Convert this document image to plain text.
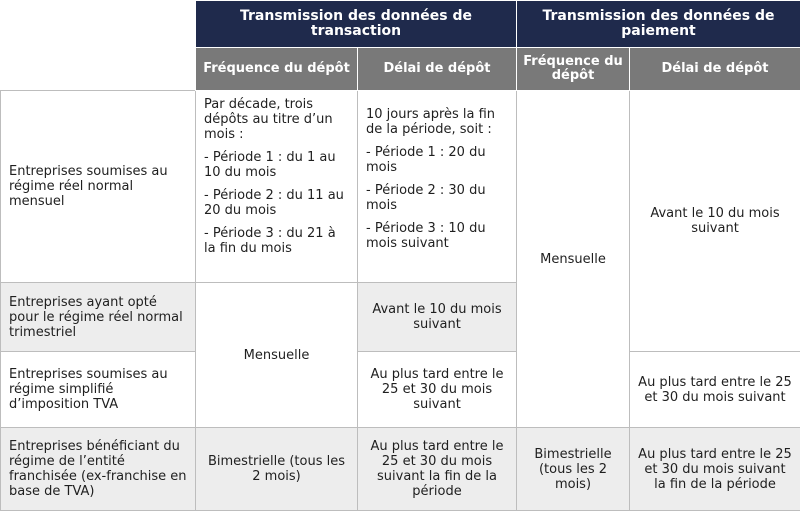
	Transmission des données de transaction		Transmission des données de paiement	
	Fréquence du dépôt	Délai de dépôt	Fréquence du dépôt	Délai de dépôt
Entreprises soumises au régime réel normal mensuel	Par décade, trois dépôts au titre d’un mois :
- Période 1 : du 1 au 10 du mois
- Période 2 : du 11 au 20 du mois
- Période 3 : du 21 à la fin du mois	10 jours après la fin de la période, soit :
- Période 1 : 20 du mois
- Période 2 : 30 du mois
- Période 3 : 10 du mois suivant	Mensuelle	Avant le 10 du mois suivant
Entreprises ayant opté pour le régime réel normal trimestriel	Mensuelle	Avant le 10 du mois suivant		
Entreprises soumises au régime simplifié d’imposition TVA		Au plus tard entre le 25 et 30 du mois suivant		Au plus tard entre le 25 et 30 du mois suivant
Entreprises bénéficiant du régime de l’entité franchisée (ex-franchise en base de TVA)	Bimestrielle (tous les 2 mois)	Au plus tard entre le 25 et 30 du mois suivant la fin de la période	Bimestrielle (tous les 2 mois)	Au plus tard entre le 25 et 30 du mois suivant la fin de la période
